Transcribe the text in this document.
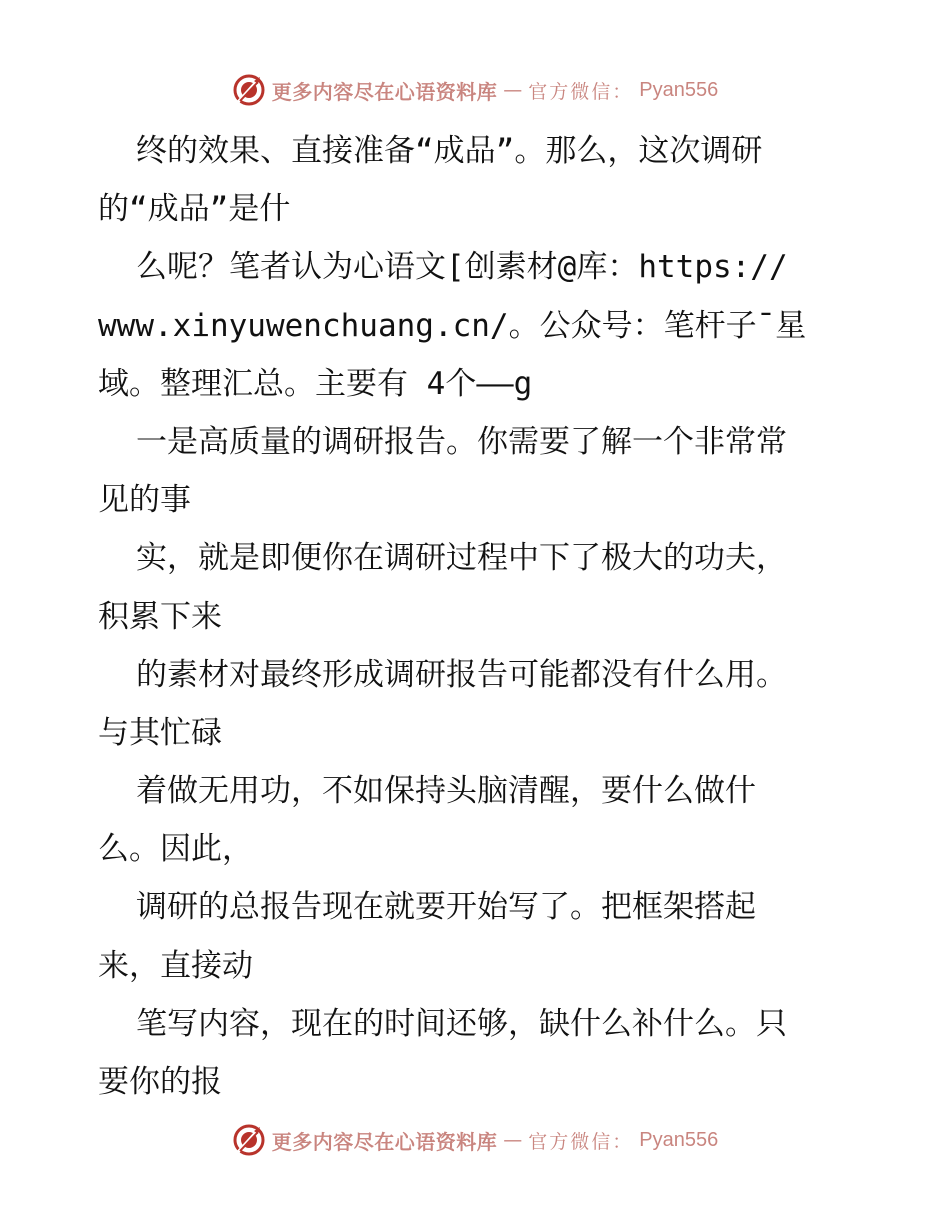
更多内容尽在心语资料库 — 官方微信： Pyan556
终的效果、直接准备“成品”。那么，这次调研
的“成品”是什
么呢？笔者认为心语文[创素材@库：https://
www.xinyuwenchuang.cn/。公众号：笔杆子¯星
域。整理汇总。主要有 4个——g
一是高质量的调研报告。你需要了解一个非常常
见的事
实，就是即便你在调研过程中下了极大的功夫，
积累下来
的素材对最终形成调研报告可能都没有什么用。
与其忙碌
着做无用功，不如保持头脑清醒，要什么做什
么。因此，
调研的总报告现在就要开始写了。把框架搭起
来，直接动
笔写内容，现在的时间还够，缺什么补什么。只
要你的报
更多内容尽在心语资料库 — 官方微信： Pyan556
